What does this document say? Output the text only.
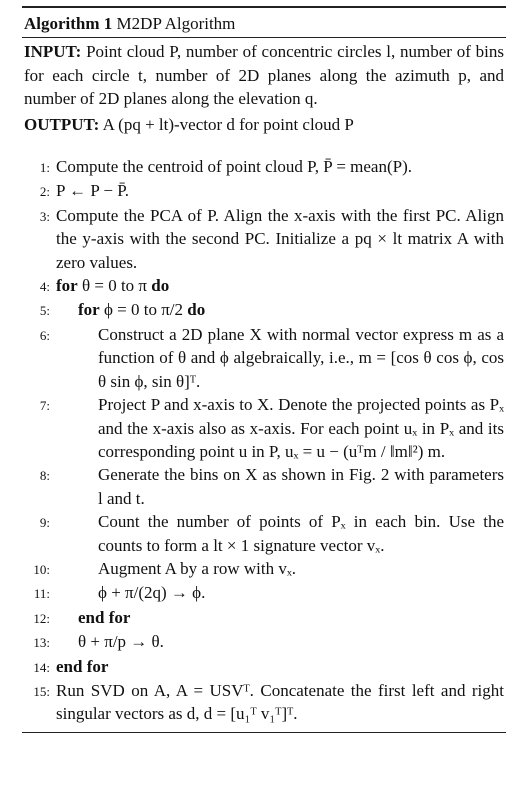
Algorithm 1 M2DP Algorithm
INPUT: Point cloud P, number of concentric circles l, number of bins for each circle t, number of 2D planes along the azimuth p, and number of 2D planes along the elevation q.
OUTPUT: A (pq + lt)-vector d for point cloud P
1: Compute the centroid of point cloud P, P̄ = mean(P).
2: P ← P − P̄.
3: Compute the PCA of P. Align the x-axis with the first PC. Align the y-axis with the second PC. Initialize a pq × lt matrix A with zero values.
4: for θ = 0 to π do
5:	for ϕ = 0 to π/2 do
6:	Construct a 2D plane X with normal vector express m as a function of θ and ϕ algebraically, i.e., m = [cos θ cos ϕ, cos θ sin ϕ, sin θ]ᵀ.
7:	Project P and x-axis to X. Denote the projected points as Pₓ and the x-axis also as x-axis. For each point uₓ in Pₓ and its corresponding point u in P, uₓ = u − (uᵀm / ‖m‖²) m.
8:	Generate the bins on X as shown in Fig. 2 with parameters l and t.
9:	Count the number of points of Pₓ in each bin. Use the counts to form a lt × 1 signature vector vₓ.
10:	Augment A by a row with vₓ.
11:	ϕ + π/(2q) → ϕ.
12:	end for
13:	θ + π/p → θ.
14: end for
15: Run SVD on A, A = USVᵀ. Concatenate the first left and right singular vectors as d, d = [u₁ᵀ v₁ᵀ]ᵀ.
